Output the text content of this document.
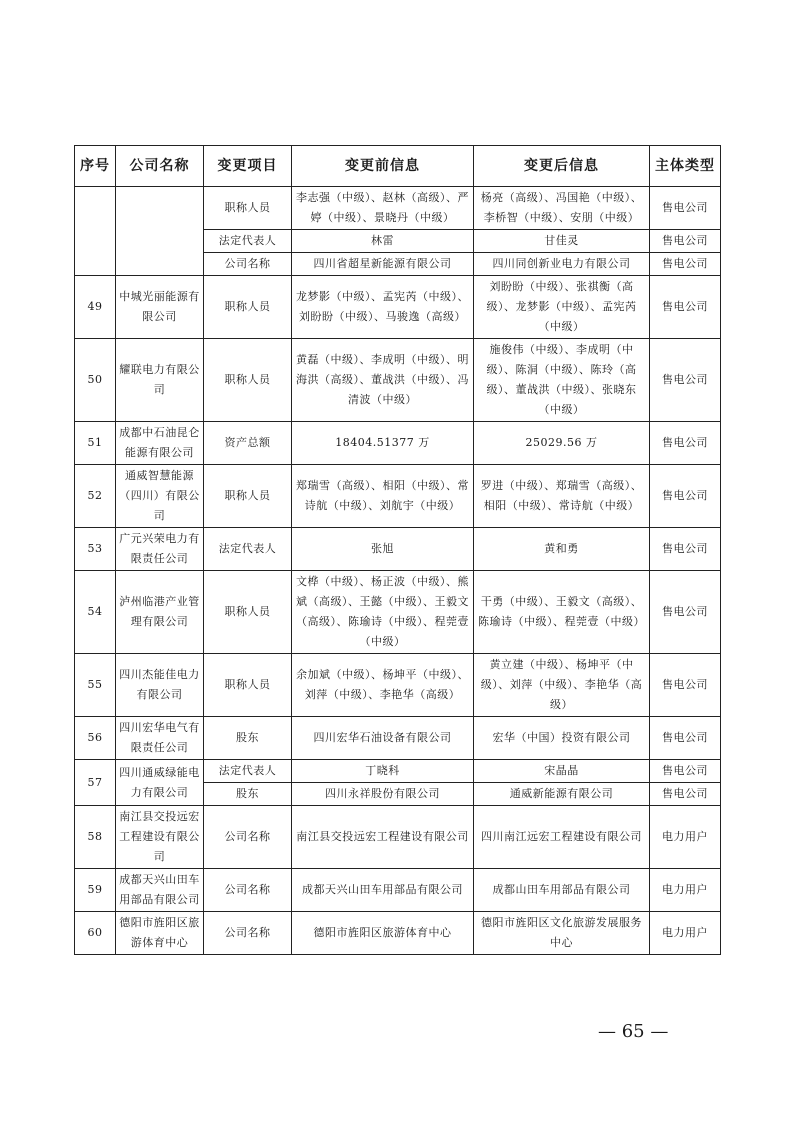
序号	公司名称	变更项目	变更前信息	变更后信息	主体类型
		职称人员	李志强（中级）、赵林（高级）、严婷（中级）、景晓丹（中级）	杨亮（高级）、冯国艳（中级）、李桥智（中级）、安朋（中级）	售电公司
		法定代表人	林雷	甘佳灵	售电公司
		公司名称	四川省超星新能源有限公司	四川同创新业电力有限公司	售电公司
49	中城光丽能源有限公司	职称人员	龙梦影（中级）、孟宪芮（中级）、刘盼盼（中级）、马骏逸（高级）	刘盼盼（中级）、张祺衡（高级）、龙梦影（中级）、孟宪芮（中级）	售电公司
50	耀联电力有限公司	职称人员	黄磊（中级）、李成明（中级）、明海洪（高级）、董战洪（中级）、冯清波（中级）	施俊伟（中级）、李成明（中级）、陈洞（中级）、陈玲（高级）、董战洪（中级）、张晓东（中级）	售电公司
51	成都中石油昆仑能源有限公司	资产总额	18404.51377 万	25029.56 万	售电公司
52	通威智慧能源（四川）有限公司	职称人员	郑瑞雪（高级）、相阳（中级）、常诗航（中级）、刘航宇（中级）	罗进（中级）、郑瑞雪（高级）、相阳（中级）、常诗航（中级）	售电公司
53	广元兴荣电力有限责任公司	法定代表人	张旭	黄和勇	售电公司
54	泸州临港产业管理有限公司	职称人员	文桦（中级）、杨正波（中级）、熊斌（高级）、王懿（中级）、王毅文（高级）、陈瑜诗（中级）、程莞壹（中级）	干勇（中级）、王毅文（高级）、陈瑜诗（中级）、程莞壹（中级）	售电公司
55	四川杰能佳电力有限公司	职称人员	余加斌（中级）、杨坤平（中级）、刘萍（中级）、李艳华（高级）	黄立建（中级）、杨坤平（中级）、刘萍（中级）、李艳华（高级）	售电公司
56	四川宏华电气有限责任公司	股东	四川宏华石油设备有限公司	宏华（中国）投资有限公司	售电公司
57	四川通威绿能电力有限公司	法定代表人	丁晓科	宋晶晶	售电公司
		股东	四川永祥股份有限公司	通威新能源有限公司	售电公司
58	南江县交投远宏工程建设有限公司	公司名称	南江县交投远宏工程建设有限公司	四川南江远宏工程建设有限公司	电力用户
59	成都天兴山田车用部品有限公司	公司名称	成都天兴山田车用部品有限公司	成都山田车用部品有限公司	电力用户
60	德阳市旌阳区旅游体育中心	公司名称	德阳市旌阳区旅游体育中心	德阳市旌阳区文化旅游发展服务中心	电力用户
— 65 —
